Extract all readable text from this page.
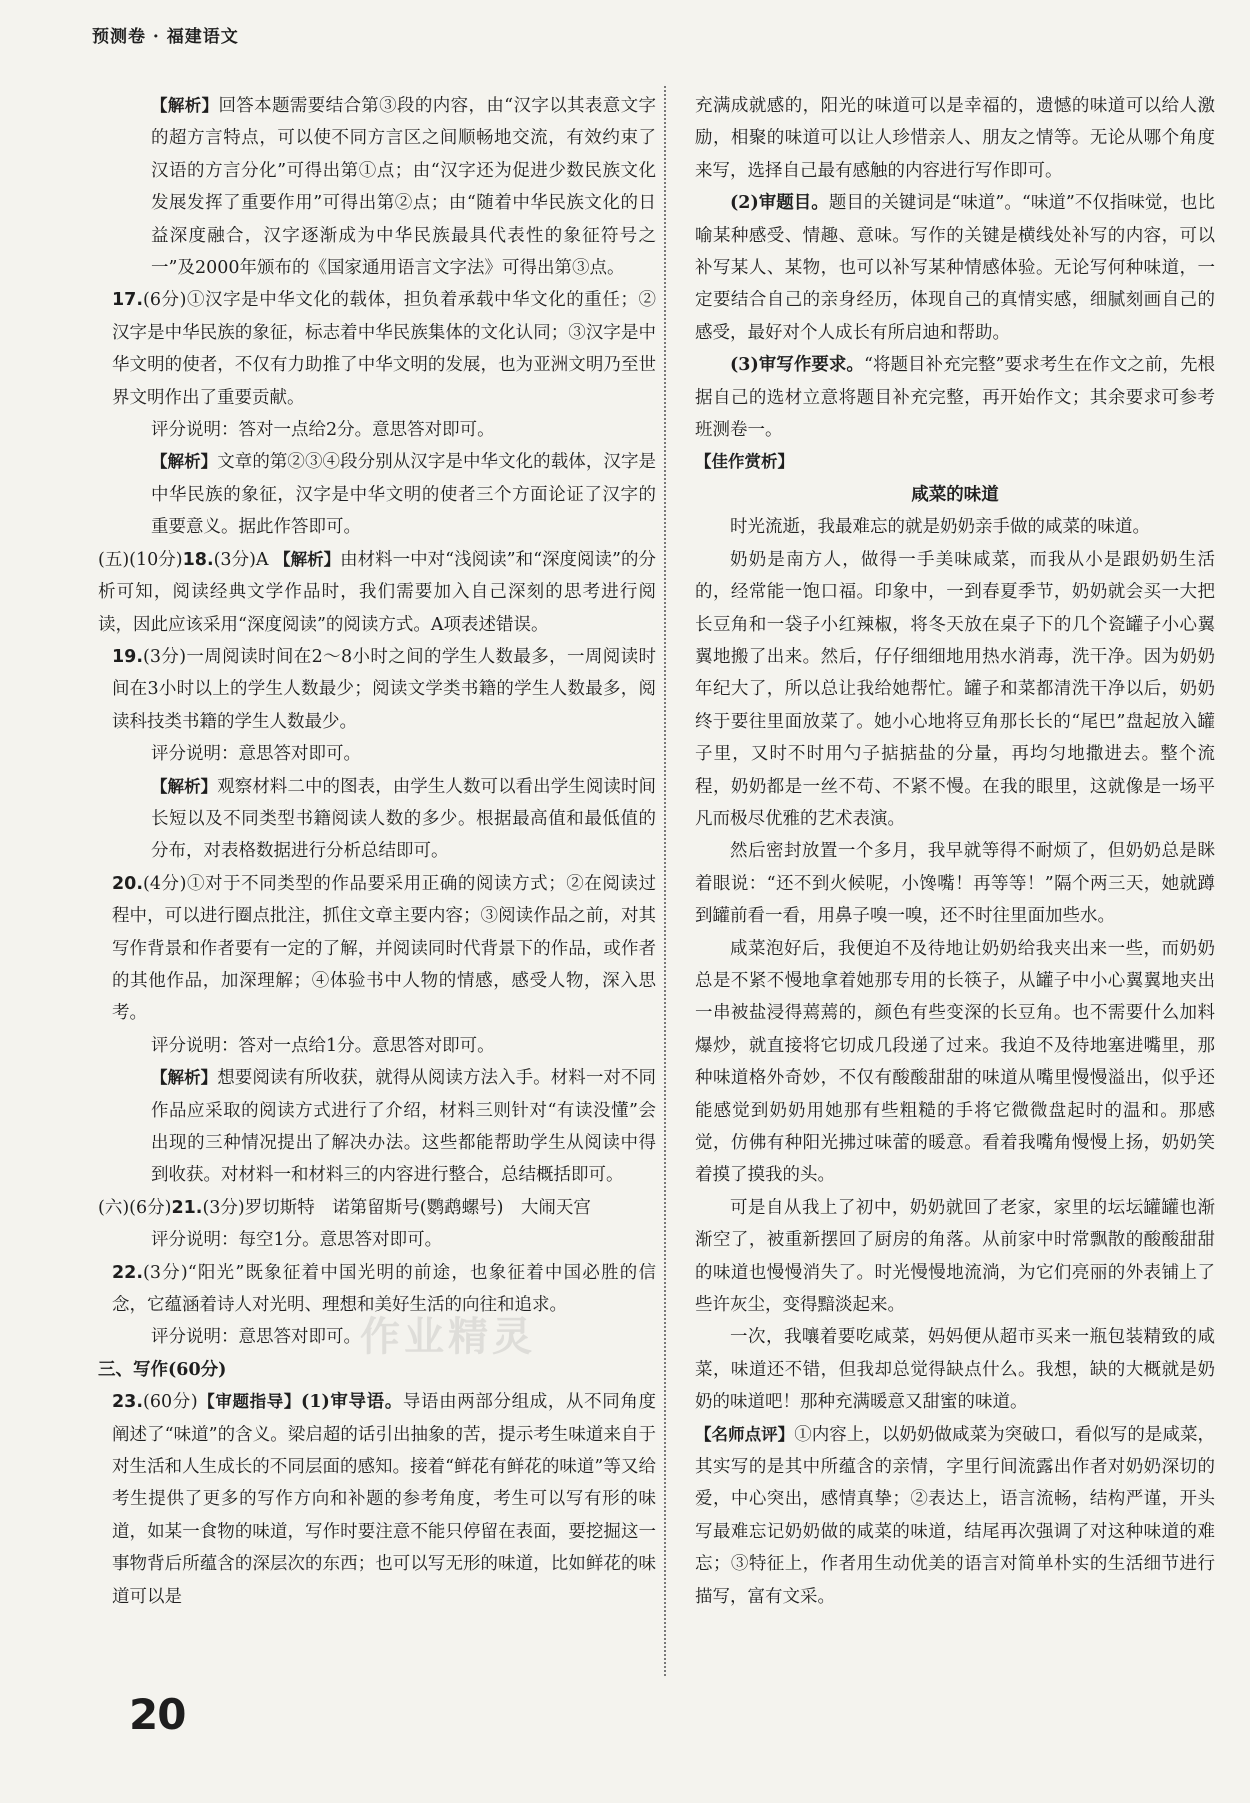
预测卷 · 福建语文

【解析】回答本题需要结合第③段的内容，由“汉字以其表意文字的超方言特点，可以使不同方言区之间顺畅地交流，有效约束了汉语的方言分化”可得出第①点；由“汉字还为促进少数民族文化发展发挥了重要作用”可得出第②点；由“随着中华民族文化的日益深度融合，汉字逐渐成为中华民族最具代表性的象征符号之一”及2000年颁布的《国家通用语言文字法》可得出第③点。

17.(6分)①汉字是中华文化的载体，担负着承载中华文化的重任；②汉字是中华民族的象征，标志着中华民族集体的文化认同；③汉字是中华文明的使者，不仅有力助推了中华文明的发展，也为亚洲文明乃至世界文明作出了重要贡献。

评分说明：答对一点给2分。意思答对即可。

【解析】文章的第②③④段分别从汉字是中华文化的载体，汉字是中华民族的象征，汉字是中华文明的使者三个方面论证了汉字的重要意义。据此作答即可。

(五)(10分)18.(3分)A 【解析】由材料一中对“浅阅读”和“深度阅读”的分析可知，阅读经典文学作品时，我们需要加入自己深刻的思考进行阅读，因此应该采用“深度阅读”的阅读方式。A项表述错误。

19.(3分)一周阅读时间在2～8小时之间的学生人数最多，一周阅读时间在3小时以上的学生人数最少；阅读文学类书籍的学生人数最多，阅读科技类书籍的学生人数最少。

评分说明：意思答对即可。

【解析】观察材料二中的图表，由学生人数可以看出学生阅读时间长短以及不同类型书籍阅读人数的多少。根据最高值和最低值的分布，对表格数据进行分析总结即可。

20.(4分)①对于不同类型的作品要采用正确的阅读方式；②在阅读过程中，可以进行圈点批注，抓住文章主要内容；③阅读作品之前，对其写作背景和作者要有一定的了解，并阅读同时代背景下的作品，或作者的其他作品，加深理解；④体验书中人物的情感，感受人物，深入思考。

评分说明：答对一点给1分。意思答对即可。

【解析】想要阅读有所收获，就得从阅读方法入手。材料一对不同作品应采取的阅读方式进行了介绍，材料三则针对“有读没懂”会出现的三种情况提出了解决办法。这些都能帮助学生从阅读中得到收获。对材料一和材料三的内容进行整合，总结概括即可。

(六)(6分)21.(3分)罗切斯特　诺第留斯号(鹦鹉螺号)　大闹天宫

评分说明：每空1分。意思答对即可。

22.(3分)“阳光”既象征着中国光明的前途，也象征着中国必胜的信念，它蕴涵着诗人对光明、理想和美好生活的向往和追求。

评分说明：意思答对即可。

三、写作(60分)

23.(60分)【审题指导】(1)审导语。导语由两部分组成，从不同角度阐述了“味道”的含义。梁启超的话引出抽象的苦，提示考生味道来自于对生活和人生成长的不同层面的感知。接着“鲜花有鲜花的味道”等又给考生提供了更多的写作方向和补题的参考角度，考生可以写有形的味道，如某一食物的味道，写作时要注意不能只停留在表面，要挖掘这一事物背后所蕴含的深层次的东西；也可以写无形的味道，比如鲜花的味道可以是

充满成就感的，阳光的味道可以是幸福的，遗憾的味道可以给人激励，相聚的味道可以让人珍惜亲人、朋友之情等。无论从哪个角度来写，选择自己最有感触的内容进行写作即可。

(2)审题目。题目的关键词是“味道”。“味道”不仅指味觉，也比喻某种感受、情趣、意味。写作的关键是横线处补写的内容，可以补写某人、某物，也可以补写某种情感体验。无论写何种味道，一定要结合自己的亲身经历，体现自己的真情实感，细腻刻画自己的感受，最好对个人成长有所启迪和帮助。

(3)审写作要求。“将题目补充完整”要求考生在作文之前，先根据自己的选材立意将题目补充完整，再开始作文；其余要求可参考班测卷一。

【佳作赏析】

咸菜的味道

时光流逝，我最难忘的就是奶奶亲手做的咸菜的味道。

奶奶是南方人，做得一手美味咸菜，而我从小是跟奶奶生活的，经常能一饱口福。印象中，一到春夏季节，奶奶就会买一大把长豆角和一袋子小红辣椒，将冬天放在桌子下的几个瓷罐子小心翼翼地搬了出来。然后，仔仔细细地用热水消毒，洗干净。因为奶奶年纪大了，所以总让我给她帮忙。罐子和菜都清洗干净以后，奶奶终于要往里面放菜了。她小心地将豆角那长长的“尾巴”盘起放入罐子里，又时不时用勺子掂掂盐的分量，再均匀地撒进去。整个流程，奶奶都是一丝不苟、不紧不慢。在我的眼里，这就像是一场平凡而极尽优雅的艺术表演。

然后密封放置一个多月，我早就等得不耐烦了，但奶奶总是眯着眼说：“还不到火候呢，小馋嘴！再等等！”隔个两三天，她就蹲到罐前看一看，用鼻子嗅一嗅，还不时往里面加些水。

咸菜泡好后，我便迫不及待地让奶奶给我夹出来一些，而奶奶总是不紧不慢地拿着她那专用的长筷子，从罐子中小心翼翼地夹出一串被盐浸得蔫蔫的，颜色有些变深的长豆角。也不需要什么加料爆炒，就直接将它切成几段递了过来。我迫不及待地塞进嘴里，那种味道格外奇妙，不仅有酸酸甜甜的味道从嘴里慢慢溢出，似乎还能感觉到奶奶用她那有些粗糙的手将它微微盘起时的温和。那感觉，仿佛有种阳光拂过味蕾的暖意。看着我嘴角慢慢上扬，奶奶笑着摸了摸我的头。

可是自从我上了初中，奶奶就回了老家，家里的坛坛罐罐也渐渐空了，被重新摆回了厨房的角落。从前家中时常飘散的酸酸甜甜的味道也慢慢消失了。时光慢慢地流淌，为它们亮丽的外表铺上了些许灰尘，变得黯淡起来。

一次，我嚷着要吃咸菜，妈妈便从超市买来一瓶包装精致的咸菜，味道还不错，但我却总觉得缺点什么。我想，缺的大概就是奶奶的味道吧！那种充满暖意又甜蜜的味道。

【名师点评】①内容上，以奶奶做咸菜为突破口，看似写的是咸菜，其实写的是其中所蕴含的亲情，字里行间流露出作者对奶奶深切的爱，中心突出，感情真挚；②表达上，语言流畅，结构严谨，开头写最难忘记奶奶做的咸菜的味道，结尾再次强调了对这种味道的难忘；③特征上，作者用生动优美的语言对简单朴实的生活细节进行描写，富有文采。

作业精灵
20
